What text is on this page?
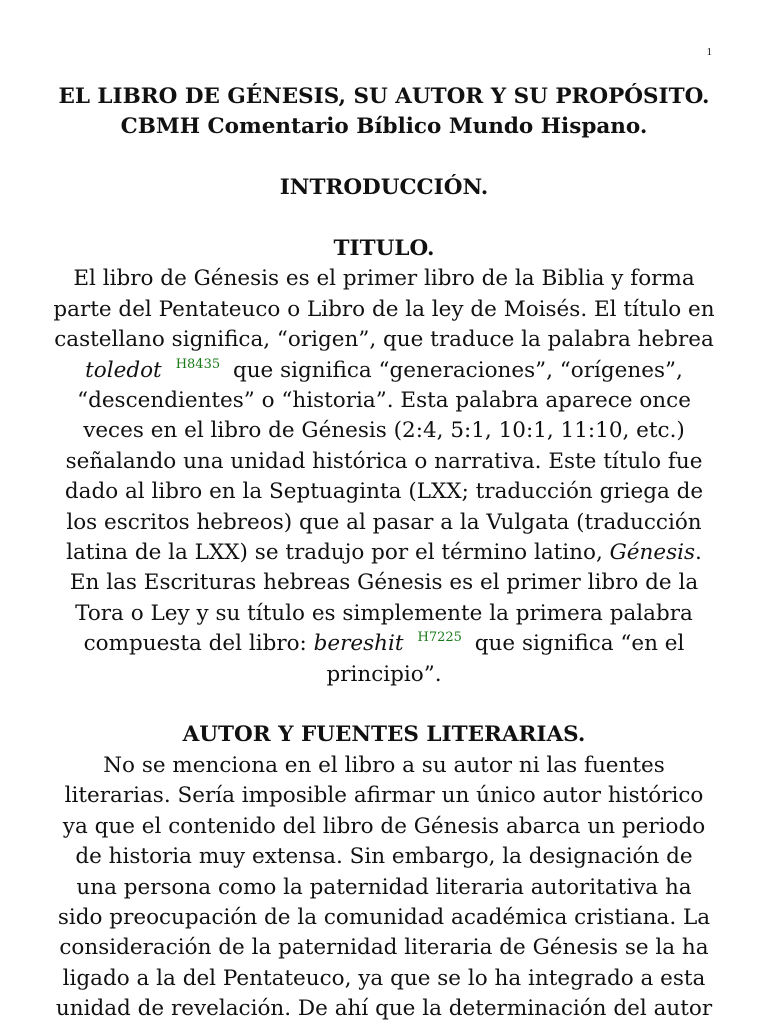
1
EL LIBRO DE GÉNESIS, SU AUTOR Y SU PROPÓSITO.
CBMH Comentario Bíblico Mundo Hispano.
INTRODUCCIÓN.
TITULO.
El libro de Génesis es el primer libro de la Biblia y forma
parte del Pentateuco o Libro de la ley de Moisés. El título en
castellano significa, “origen”, que traduce la palabra hebrea
toledot $^{H8435}$ que significa “generaciones”, “orígenes”,
“descendientes” o “historia”. Esta palabra aparece once
veces en el libro de Génesis (2:4, 5:1, 10:1, 11:10, etc.)
señalando una unidad histórica o narrativa. Este título fue
dado al libro en la Septuaginta (LXX; traducción griega de
los escritos hebreos) que al pasar a la Vulgata (traducción
latina de la LXX) se tradujo por el término latino, Génesis.
En las Escrituras hebreas Génesis es el primer libro de la
Tora o Ley y su título es simplemente la primera palabra
compuesta del libro: bereshit $^{H7225}$ que significa “en el
principio”.
AUTOR Y FUENTES LITERARIAS.
No se menciona en el libro a su autor ni las fuentes
literarias. Sería imposible afirmar un único autor histórico
ya que el contenido del libro de Génesis abarca un periodo
de historia muy extensa. Sin embargo, la designación de
una persona como la paternidad literaria autoritativa ha
sido preocupación de la comunidad académica cristiana. La
consideración de la paternidad literaria de Génesis se la ha
ligado a la del Pentateuco, ya que se lo ha integrado a esta
unidad de revelación. De ahí que la determinación del autor
